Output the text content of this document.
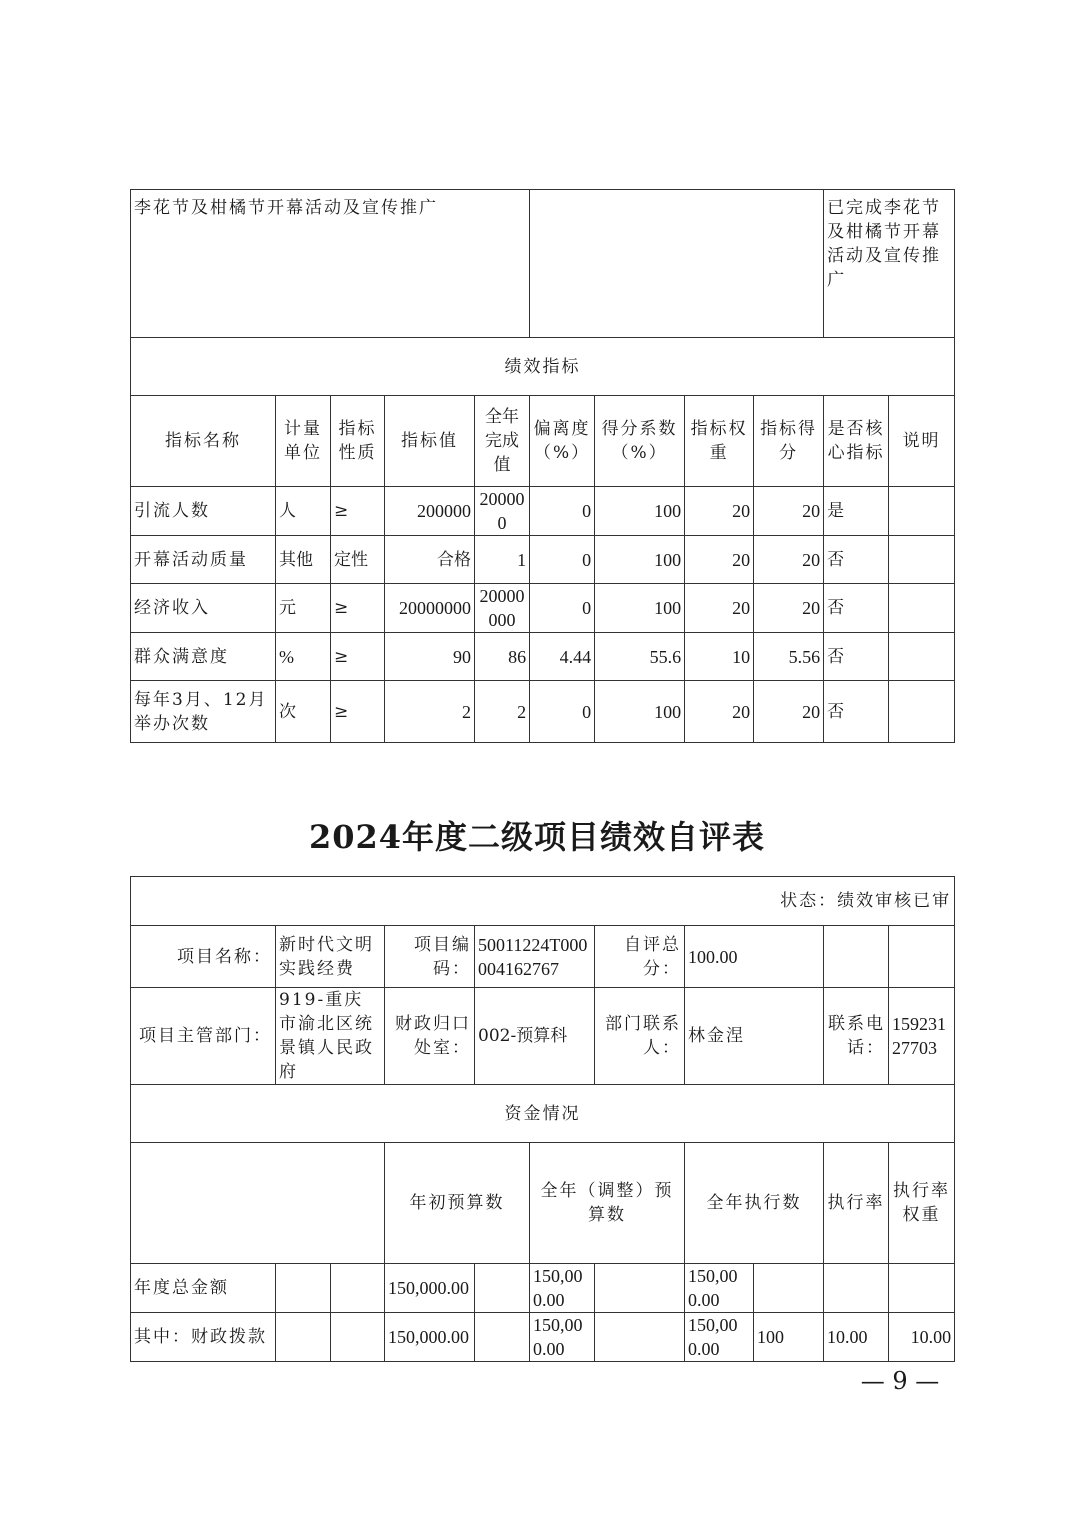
李花节及柑橘节开幕活动及宣传推广									已完成李花节及柑橘节开幕活动及宣传推广	
绩效指标										
指标名称	计量单位	指标性质	指标值	全年完成值	偏离度（%）	得分系数（%）	指标权重	指标得分	是否核心指标	说明
引流人数	人	≥	200000	200000	0	100	20	20	是	
开幕活动质量	其他	定性	合格	1	0	100	20	20	否	
经济收入	元	≥	20000000	20000000	0	100	20	20	否	
群众满意度	%	≥	90	86	4.44	55.6	10	5.56	否	
每年3月、12月举办次数	次	≥	2	2	0	100	20	20	否	
2024年度二级项目绩效自评表
状态：绩效审核已审											
项目名称：	新时代文明实践经费		项目编码：	50011224T000004162767		自评总分：	100.00				
项目主管部门：	919-重庆市渝北区统景镇人民政府		财政归口处室：	002-预算科		部门联系人：	林金涅		联系电话：	15923127703	
资金情况											
			年初预算数		全年（调整）预算数		全年执行数		执行率	执行率权重	
年度总金额			150,000.00		150,000.00		150,000.00				
其中：财政拨款			150,000.00		150,000.00		150,000.00	100	10.00	10.00	
— 9 —
